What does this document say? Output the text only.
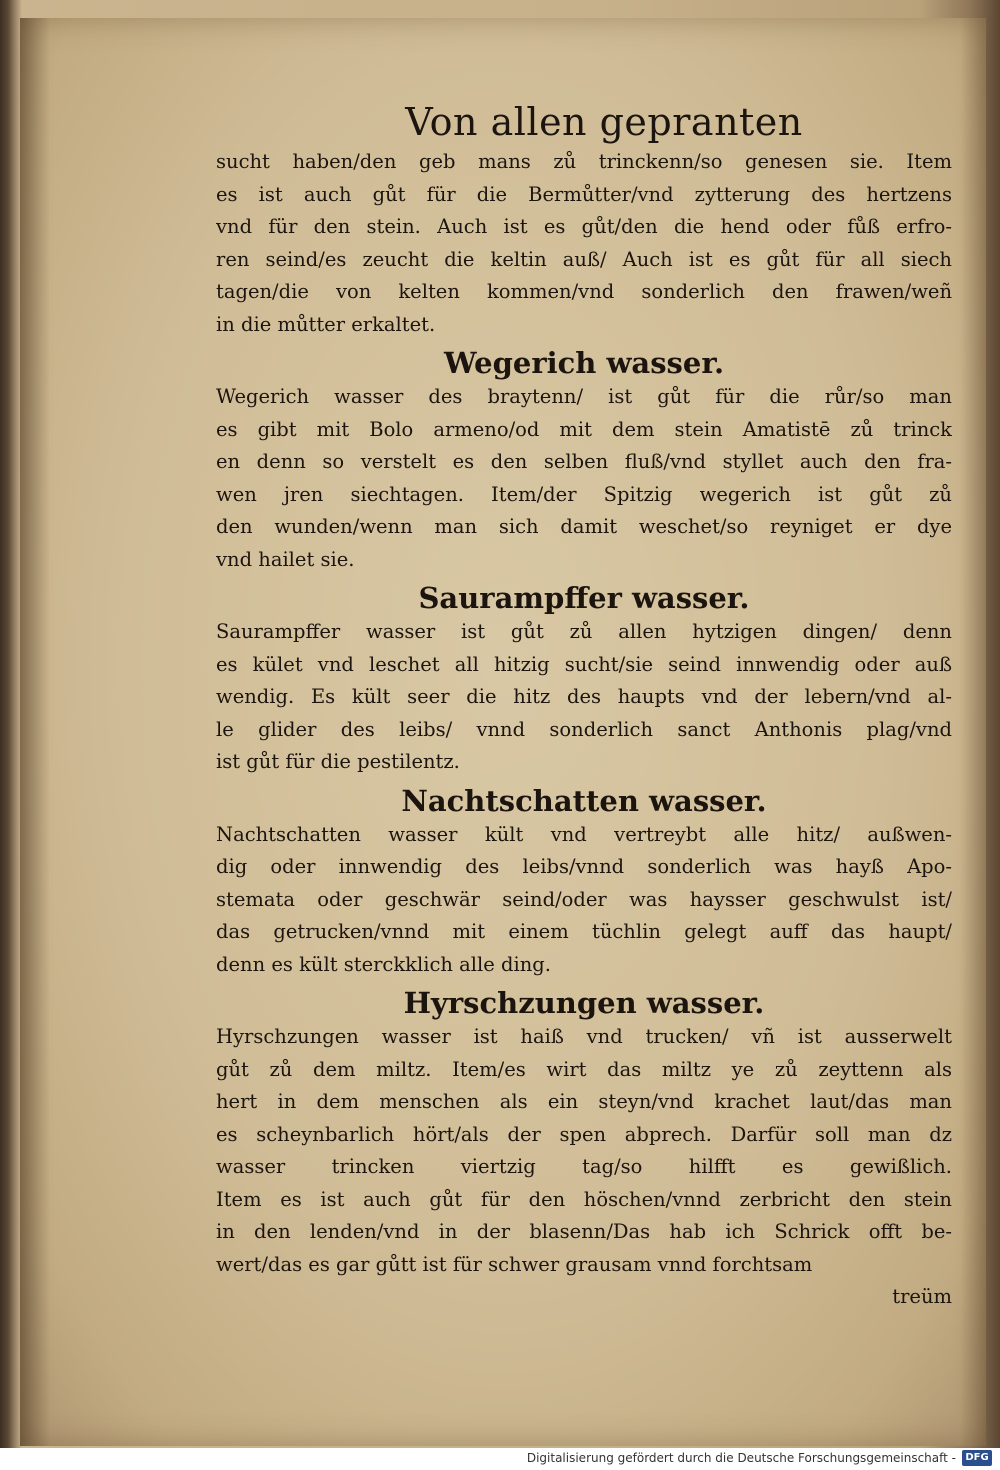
Von allen gepranten
sucht haben/den geb mans zů trinckenn/so genesen sie. Item
es ist auch gůt für die Bermůtter/vnd zytterung des hertzens
vnd für den stein. Auch ist es gůt/den die hend oder fůß erfro-
ren seind/es zeucht die keltin auß/ Auch ist es gůt für all siech
tagen/die von kelten kommen/vnd sonderlich den frawen/weñ
in die můtter erkaltet.
Wegerich wasser.
Wegerich wasser des braytenn/ ist gůt für die růr/so man
es gibt mit Bolo armeno/od mit dem stein Amatistē zů trinck
en denn so verstelt es den selben fluß/vnd styllet auch den fra-
wen jren siechtagen. Item/der Spitzig wegerich ist gůt zů
den wunden/wenn man sich damit weschet/so reyniget er dye
vnd hailet sie.
Saurampffer wasser.
Saurampffer wasser ist gůt zů allen hytzigen dingen/ denn
es kület vnd leschet all hitzig sucht/sie seind innwendig oder auß
wendig. Es kült seer die hitz des haupts vnd der lebern/vnd al-
le glider des leibs/ vnnd sonderlich sanct Anthonis plag/vnd
ist gůt für die pestilentz.
Nachtschatten wasser.
Nachtschatten wasser kült vnd vertreybt alle hitz/ außwen-
dig oder innwendig des leibs/vnnd sonderlich was hayß Apo-
stemata oder geschwär seind/oder was haysser geschwulst ist/
das getrucken/vnnd mit einem tüchlin gelegt auff das haupt/
denn es kült sterckklich alle ding.
Hyrschzungen wasser.
Hyrschzungen wasser ist haiß vnd trucken/ vñ ist ausserwelt
gůt zů dem miltz. Item/es wirt das miltz ye zů zeyttenn als
hert in dem menschen als ein steyn/vnd krachet laut/das man
es scheynbarlich hört/als der spen abprech. Darfür soll man dz
wasser trincken viertzig tag/so hilfft es gewißlich.
Item es ist auch gůt für den höschen/vnnd zerbricht den stein
in den lenden/vnd in der blasenn/Das hab ich Schrick offt be-
wert/das es gar gůtt ist für schwer grausam vnnd forchtsam
treüm
Digitalisierung gefördert durch die Deutsche Forschungsgemeinschaft - DFG
